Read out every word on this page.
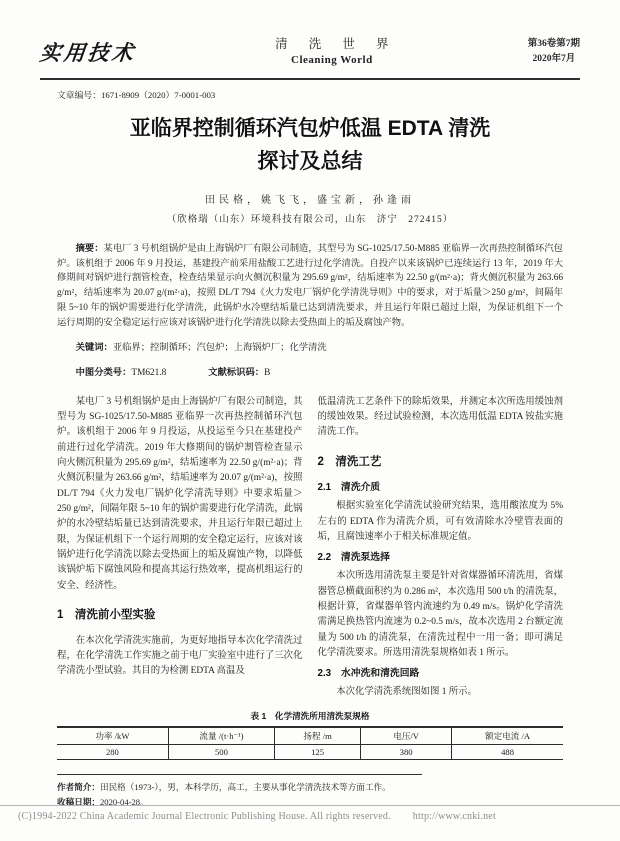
实用技术	清 洗 世 界
Cleaning World
第36卷第7期
2020年7月
文章编号：1671-8909（2020）7-0001-003
亚临界控制循环汽包炉低温 EDTA 清洗
探讨及总结
田民格，姚飞飞，盛宝新，孙逢雨
（欣格瑞（山东）环境科技有限公司，山东　济宁　272415）

摘要：某电厂 3 号机组锅炉是由上海锅炉厂有限公司制造，其型号为 SG-1025/17.50-M885 亚临界一次再热控制循环汽包炉。该机组于 2006 年 9 月投运，基建投产前采用盐酸工艺进行过化学清洗。自投产以来该锅炉已连续运行 13 年，2019 年大修期间对锅炉进行割管检查，检查结果显示向火侧沉积量为 295.69 g/m²，结垢速率为 22.50 g/(m²·a)；背火侧沉积量为 263.66 g/m²，结垢速率为 20.07 g/(m²·a)，按照 DL/T 794《火力发电厂锅炉化学清洗导则》中的要求，对于垢量＞250 g/m²，间隔年限 5~10 年的锅炉需要进行化学清洗，此锅炉水冷壁结垢量已达到清洗要求，并且运行年限已超过上限，为保证机组下一个运行周期的安全稳定运行应该对该锅炉进行化学清洗以除去受热面上的垢及腐蚀产物。

关键词：亚临界；控制循环；汽包炉；上海锅炉厂；化学清洗

中图分类号：TM621.8	文献标识码：B

某电厂 3 号机组锅炉是由上海锅炉厂有限公司制造，其型号为 SG-1025/17.50-M885 亚临界一次再热控制循环汽包炉。该机组于 2006 年 9 月投运，从投运至今只在基建投产前进行过化学清洗。2019 年大修期间的锅炉割管检查显示向火侧沉积量为 295.69 g/m²，结垢速率为 22.50 g/(m²·a)；背火侧沉积量为 263.66 g/m²，结垢速率为 20.07 g/(m²·a)，按照 DL/T 794《火力发电厂锅炉化学清洗导则》中要求垢量＞250 g/m²，间隔年限 5~10 年的锅炉需要进行化学清洗，此锅炉的水冷壁结垢量已达到清洗要求，并且运行年限已超过上限，为保证机组下一个运行周期的安全稳定运行，应该对该锅炉进行化学清洗以除去受热面上的垢及腐蚀产物，以降低该锅炉垢下腐蚀风险和提高其运行热效率，提高机组运行的安全、经济性。

1　清洗前小型实验

在本次化学清洗实施前，为更好地指导本次化学清洗过程，在化学清洗工作实施之前于电厂实验室中进行了三次化学清洗小型试验。其目的为检测 EDTA 高温及

低温清洗工艺条件下的除垢效果，并测定本次所选用缓蚀剂的缓蚀效果。经过试验检测，本次选用低温 EDTA 铵盐实施清洗工作。

2　清洗工艺
2.1　清洗介质

根据实验室化学清洗试验研究结果，选用酸浓度为 5% 左右的 EDTA 作为清洗介质，可有效清除水冷壁管表面的垢，且腐蚀速率小于相关标准规定值。

2.2　清洗泵选择

本次所选用清洗泵主要是针对省煤器循环清洗用，省煤器管总横截面积约为 0.286 m²，本次选用 500 t/h 的清洗泵，根据计算，省煤器单管内流速约为 0.49 m/s。锅炉化学清洗需满足换热管内流速为 0.2~0.5 m/s，故本次选用 2 台额定流量为 500 t/h 的清洗泵，在清洗过程中一用一备；即可满足化学清洗要求。所选用清洗泵规格如表 1 所示。

2.3　水冲洗和清洗回路

本次化学清洗系统图如图 1 所示。

表 1　化学清洗所用清洗泵规格
功率 /kW	流量 /(t·h⁻¹)	扬程 /m	电压/V	额定电流 /A
280	500	125	380	488
作者简介：田民格（1973-），男，本科学历，高工，主要从事化学清洗技术等方面工作。
收稿日期：2020-04-28。
(C)1994-2022 China Academic Journal Electronic Publishing House. All rights reserved. http://www.cnki.net
